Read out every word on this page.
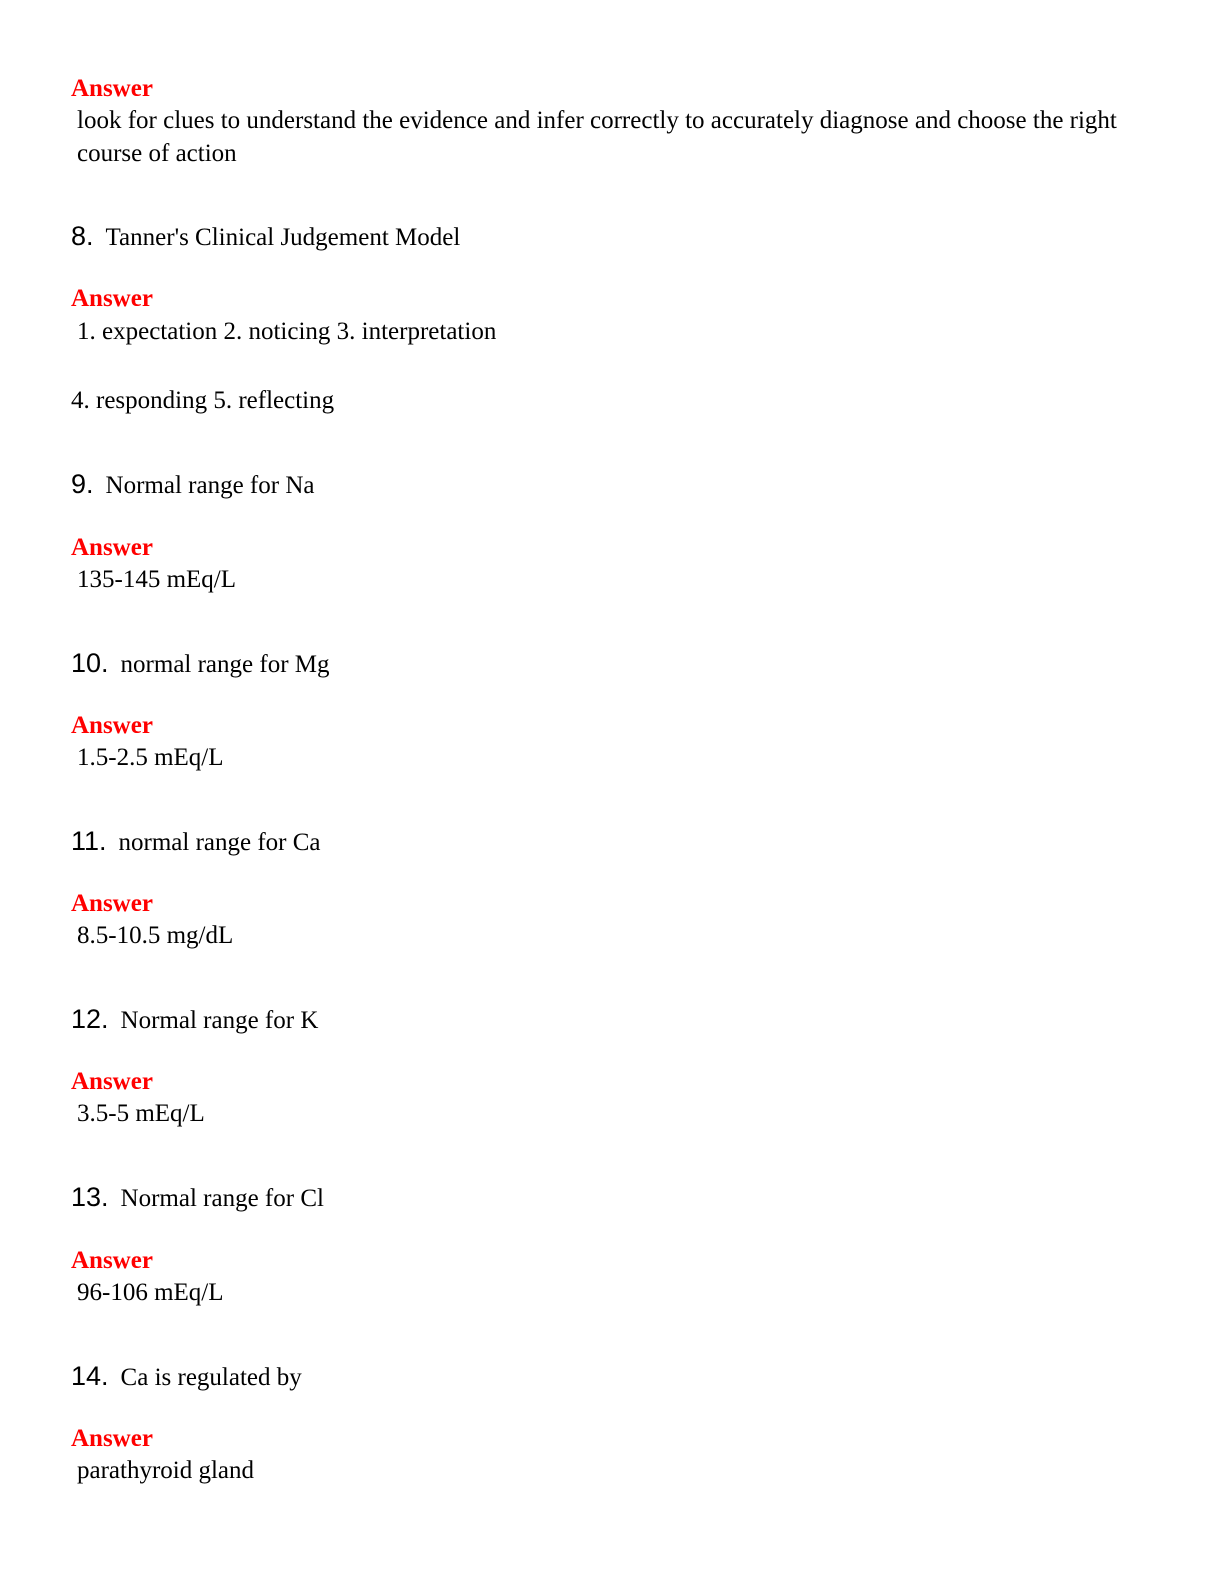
Answer
look for clues to understand the evidence and infer correctly to accurately diagnose and choose the right course of action
8. Tanner's Clinical Judgement Model
Answer
1. expectation 2. noticing 3. interpretation
4. responding 5. reflecting
9. Normal range for Na
Answer
135-145 mEq/L
10. normal range for Mg
Answer
1.5-2.5 mEq/L
11. normal range for Ca
Answer
8.5-10.5 mg/dL
12. Normal range for K
Answer
3.5-5 mEq/L
13. Normal range for Cl
Answer
96-106 mEq/L
14. Ca is regulated by
Answer
parathyroid gland
